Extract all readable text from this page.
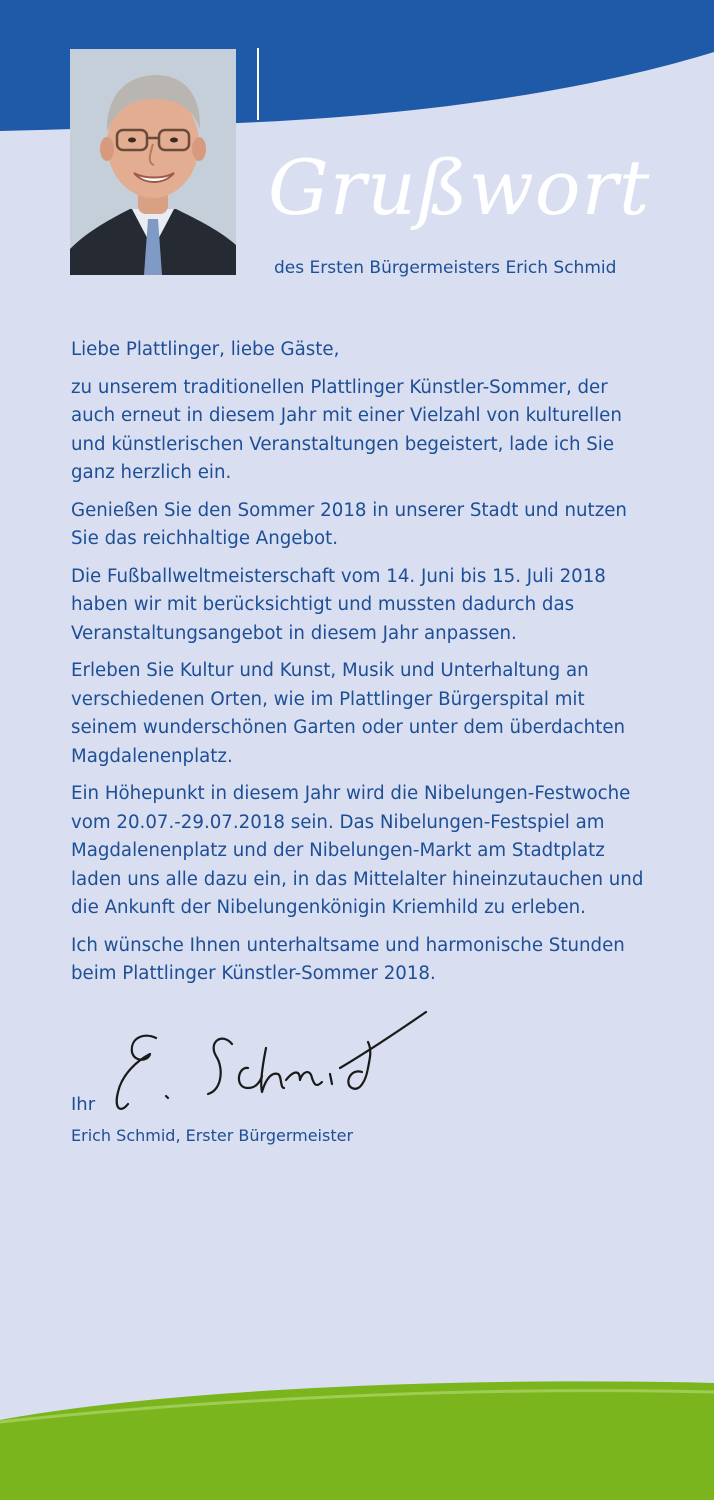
Grußwort
des Ersten Bürgermeisters Erich Schmid

Liebe Plattlinger, liebe Gäste,

zu unserem traditionellen Plattlinger Künstler-Sommer, der auch erneut in diesem Jahr mit einer Vielzahl von kulturellen und künstlerischen Veranstaltungen begeistert, lade ich Sie ganz herzlich ein.

Genießen Sie den Sommer 2018 in unserer Stadt und nutzen Sie das reichhaltige Angebot.

Die Fußballweltmeisterschaft vom 14. Juni bis 15. Juli 2018 haben wir mit berücksichtigt und mussten dadurch das Veranstaltungsangebot in diesem Jahr anpassen.

Erleben Sie Kultur und Kunst, Musik und Unterhaltung an verschiedenen Orten, wie im Plattlinger Bürgerspital mit seinem wunderschönen Garten oder unter dem überdachten Magdalenenplatz.

Ein Höhepunkt in diesem Jahr wird die Nibelungen-Festwoche vom 20.07.-29.07.2018 sein. Das Nibelungen-Festspiel am Magdalenenplatz und der Nibelungen-Markt am Stadtplatz laden uns alle dazu ein, in das Mittelalter hineinzutauchen und die Ankunft der Nibelungenkönigin Kriemhild zu erleben.

Ich wünsche Ihnen unterhaltsame und harmonische Stunden beim Plattlinger Künstler-Sommer 2018.

Ihr
Erich Schmid, Erster Bürgermeister
